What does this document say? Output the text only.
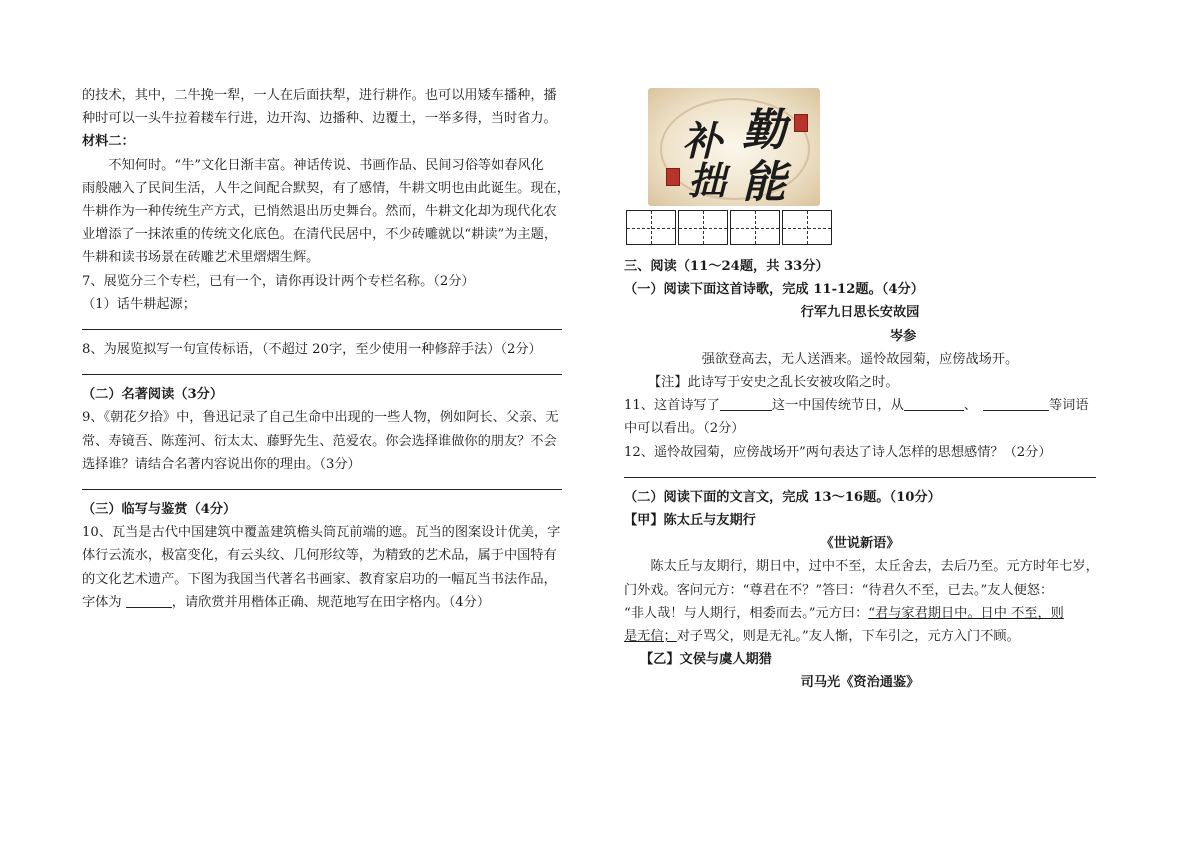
的技术，其中，二牛挽一犁，一人在后面扶犁，进行耕作。也可以用矮车播种，播

种时可以一头牛拉着耧车行进，边开沟、边播种、边覆土，一举多得，当时省力。

材料二：

不知何时。“牛”文化日渐丰富。神话传说、书画作品、民间习俗等如春风化

雨般融入了民间生活，人牛之间配合默契，有了感情，牛耕文明也由此诞生。现在，

牛耕作为一种传统生产方式，已悄然退出历史舞台。然而，牛耕文化却为现代化农

业增添了一抹浓重的传统文化底色。在清代民居中，不少砖雕就以“耕读”为主题，

牛耕和读书场景在砖雕艺术里熠熠生辉。

7、展览分三个专栏，已有一个，请你再设计两个专栏名称。（2分）

（1）话牛耕起源；

8、为展览拟写一句宣传标语，（不超过 20字，至少使用一种修辞手法）（2分）

（二）名著阅读（3分）

9、《朝花夕拾》中，鲁迅记录了自己生命中出现的一些人物，例如阿长、父亲、无

常、寿镜吾、陈莲河、衍太太、藤野先生、范爱农。你会选择谁做你的朋友？不会

选择谁？请结合名著内容说出你的理由。（3分）

（三）临写与鉴赏（4分）

10、瓦当是古代中国建筑中覆盖建筑檐头筒瓦前端的遮。瓦当的图案设计优美，字

体行云流水，极富变化，有云头纹、几何形纹等，为精致的艺术品，属于中国特有

的文化艺术遗产。下图为我国当代著名书画家、教育家启功的一幅瓦当书法作品，

字体为	，请欣赏并用楷体正确、规范地写在田字格内。（4分）

勤
补
拙 能

三、阅读（11～24题，共 33分）

（一）阅读下面这首诗歌，完成 11-12题。（4分）

行军九日思长安故园

岑参

强欲登高去，无人送酒来。遥怜故园菊，应傍战场开。

【注】此诗写于安史之乱长安被攻陷之时。

11、这首诗写了	这一中国传统节日，从	、	等词语

中可以看出。（2分）

12、遥怜故园菊，应傍战场开”两句表达了诗人怎样的思想感情？（2分）

（二）阅读下面的文言文，完成 13～16题。（10分）

【甲】陈太丘与友期行

《世说新语》

陈太丘与友期行，期日中，过中不至，太丘舍去，去后乃至。元方时年七岁，

门外戏。客问元方：“尊君在不？”答曰：“待君久不至，已去。”友人便怒：

“非人哉！与人期行，相委而去。”元方曰：“君与家君期日中。日中 不至，则

是无信；对子骂父，则是无礼。”友人惭，下车引之，元方入门不顾。

【乙】文侯与虞人期猎

司马光《资治通鉴》
